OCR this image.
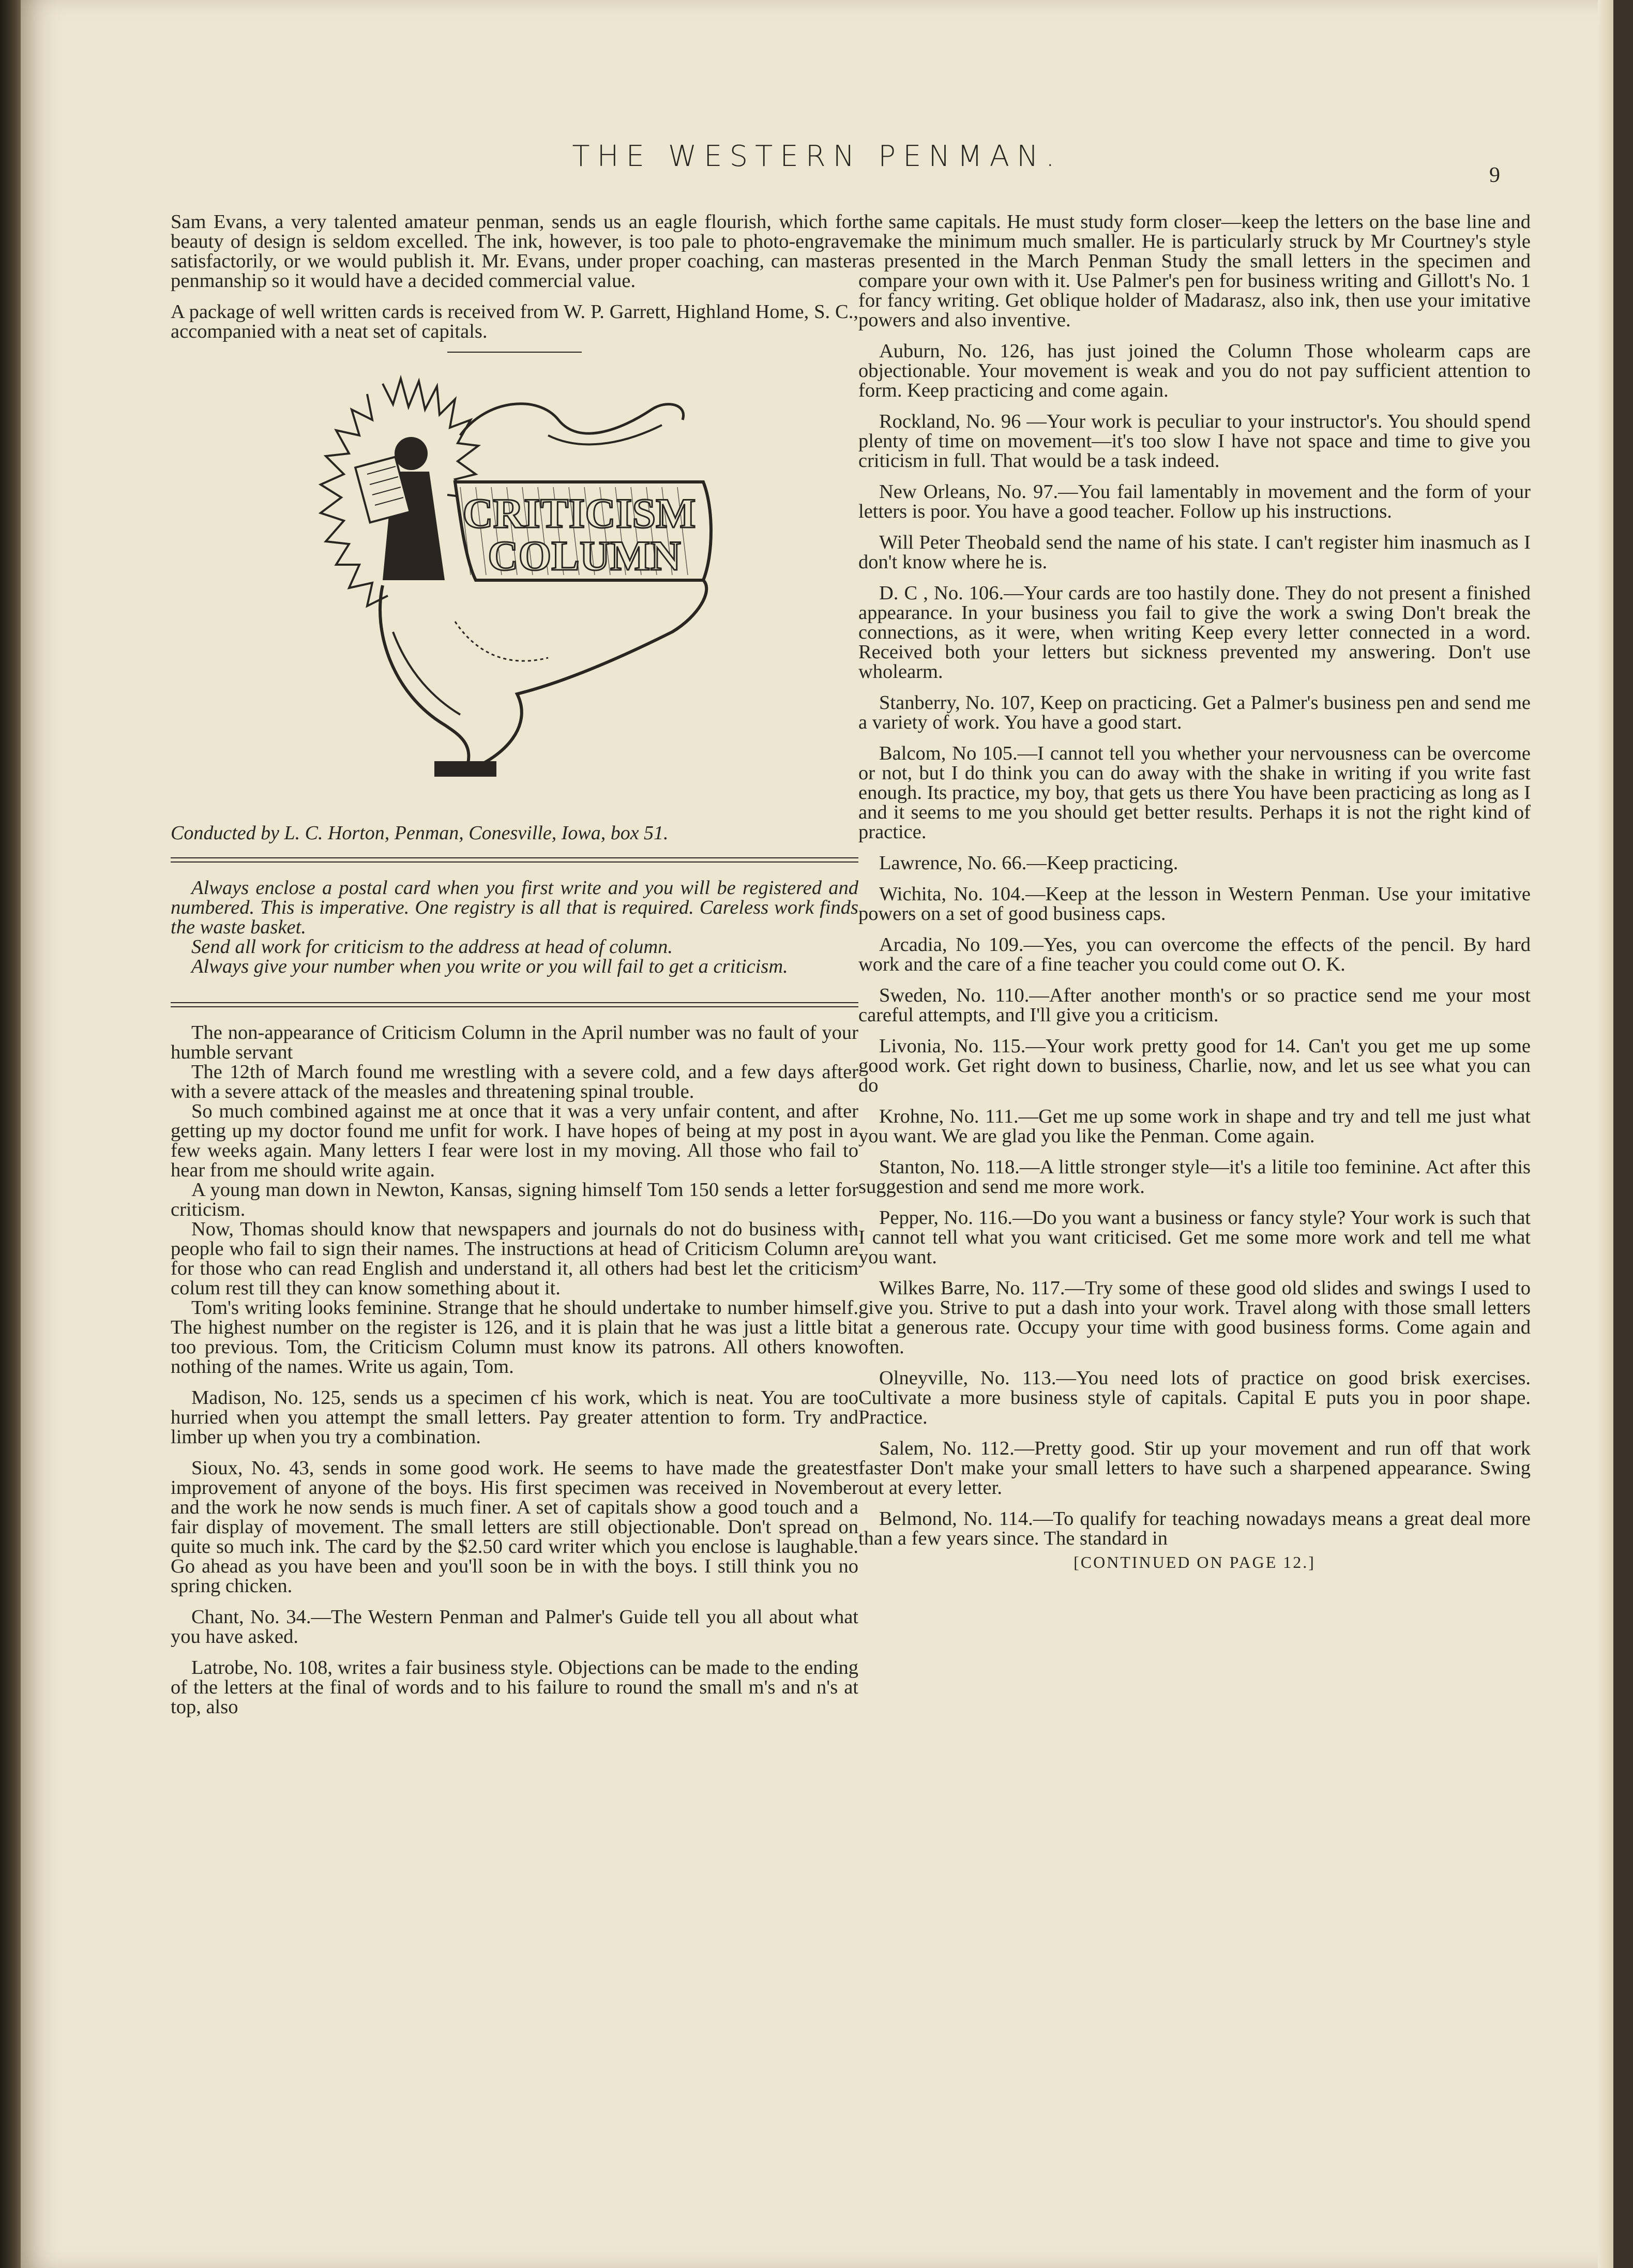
THE WESTERN PENMAN.
9

Sam Evans, a very talented amateur penman, sends us an eagle flourish, which for beauty of design is seldom excelled. The ink, however, is too pale to photo-engrave satisfactorily, or we would publish it. Mr. Evans, under proper coaching, can master penmanship so it would have a decided commercial value.

A package of well written cards is received from W. P. Garrett, Highland Home, S. C., accompanied with a neat set of capitals.

CRITICISM
COLUMN
Conducted by L. C. Horton, Penman, Conesville, Iowa, box 51.

Always enclose a postal card when you first write and you will be registered and numbered. This is imperative. One registry is all that is required. Careless work finds the waste basket.

Send all work for criticism to the address at head of column.

Always give your number when you write or you will fail to get a criticism.

The non-appearance of Criticism Column in the April number was no fault of your humble servant

The 12th of March found me wrestling with a severe cold, and a few days after with a severe attack of the measles and threatening spinal trouble.

So much combined against me at once that it was a very unfair content, and after getting up my doctor found me unfit for work. I have hopes of being at my post in a few weeks again. Many letters I fear were lost in my moving. All those who fail to hear from me should write again.

A young man down in Newton, Kansas, signing himself Tom 150 sends a letter for criticism.

Now, Thomas should know that newspapers and journals do not do business with people who fail to sign their names. The instructions at head of Criticism Column are for those who can read English and understand it, all others had best let the criticism colum rest till they can know something about it.

Tom's writing looks feminine. Strange that he should undertake to number himself. The highest number on the register is 126, and it is plain that he was just a little bit too previous. Tom, the Criticism Column must know its patrons. All others know nothing of the names. Write us again, Tom.

Madison, No. 125, sends us a specimen cf his work, which is neat. You are too hurried when you attempt the small letters. Pay greater attention to form. Try and limber up when you try a combination.

Sioux, No. 43, sends in some good work. He seems to have made the greatest improvement of anyone of the boys. His first specimen was received in November and the work he now sends is much finer. A set of capitals show a good touch and a fair display of movement. The small letters are still objectionable. Don't spread on quite so much ink. The card by the $2.50 card writer which you enclose is laughable. Go ahead as you have been and you'll soon be in with the boys. I still think you no spring chicken.

Chant, No. 34.—The Western Penman and Palmer's Guide tell you all about what you have asked.

Latrobe, No. 108, writes a fair business style. Objections can be made to the ending of the letters at the final of words and to his failure to round the small m's and n's at top, also

the same capitals. He must study form closer—keep the letters on the base line and make the minimum much smaller. He is particularly struck by Mr Courtney's style as presented in the March Penman Study the small letters in the specimen and compare your own with it. Use Palmer's pen for business writing and Gillott's No. 1 for fancy writing. Get oblique holder of Madarasz, also ink, then use your imitative powers and also inventive.

Auburn, No. 126, has just joined the Column Those wholearm caps are objectionable. Your movement is weak and you do not pay sufficient attention to form. Keep practicing and come again.

Rockland, No. 96 —Your work is peculiar to your instructor's. You should spend plenty of time on movement—it's too slow I have not space and time to give you criticism in full. That would be a task indeed.

New Orleans, No. 97.—You fail lamentably in movement and the form of your letters is poor. You have a good teacher. Follow up his instructions.

Will Peter Theobald send the name of his state. I can't register him inasmuch as I don't know where he is.

D. C , No. 106.—Your cards are too hastily done. They do not present a finished appearance. In your business you fail to give the work a swing Don't break the connections, as it were, when writing Keep every letter connected in a word. Received both your letters but sickness prevented my answering. Don't use wholearm.

Stanberry, No. 107, Keep on practicing. Get a Palmer's business pen and send me a variety of work. You have a good start.

Balcom, No 105.—I cannot tell you whether your nervousness can be overcome or not, but I do think you can do away with the shake in writing if you write fast enough. Its practice, my boy, that gets us there You have been practicing as long as I and it seems to me you should get better results. Perhaps it is not the right kind of practice.

Lawrence, No. 66.—Keep practicing.

Wichita, No. 104.—Keep at the lesson in Western Penman. Use your imitative powers on a set of good business caps.

Arcadia, No 109.—Yes, you can overcome the effects of the pencil. By hard work and the care of a fine teacher you could come out O. K.

Sweden, No. 110.—After another month's or so practice send me your most careful attempts, and I'll give you a criticism.

Livonia, No. 115.—Your work pretty good for 14. Can't you get me up some good work. Get right down to business, Charlie, now, and let us see what you can do

Krohne, No. 111.—Get me up some work in shape and try and tell me just what you want. We are glad you like the Penman. Come again.

Stanton, No. 118.—A little stronger style—it's a litile too feminine. Act after this suggestion and send me more work.

Pepper, No. 116.—Do you want a business or fancy style? Your work is such that I cannot tell what you want criticised. Get me some more work and tell me what you want.

Wilkes Barre, No. 117.—Try some of these good old slides and swings I used to give you. Strive to put a dash into your work. Travel along with those small letters at a generous rate. Occupy your time with good business forms. Come again and often.

Olneyville, No. 113.—You need lots of practice on good brisk exercises. Cultivate a more business style of capitals. Capital E puts you in poor shape. Practice.

Salem, No. 112.—Pretty good. Stir up your movement and run off that work faster Don't make your small letters to have such a sharpened appearance. Swing out at every letter.

Belmond, No. 114.—To qualify for teaching nowadays means a great deal more than a few years since. The standard in

[CONTINUED ON PAGE 12.]
